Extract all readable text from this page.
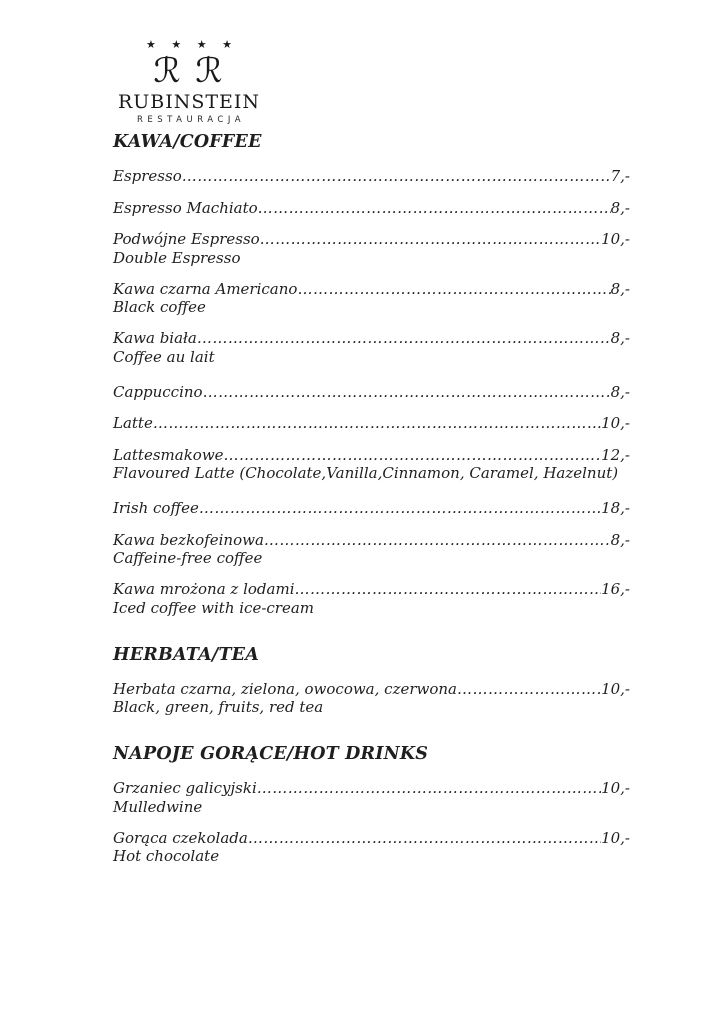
★ ★ ★ ★
ℛ ℛ
RUBINSTEIN
RESTAURACJA
KAWA/COFFEE
Espresso …………………………………………………………………………………………………………	7,-
Espresso Machiato …………………………………………………………………………………………………………	8,-
Podwójne Espresso …………………………………………………………………………………………………………	10,-
Double Espresso
Kawa czarna Americano …………………………………………………………………………………………………………	8,-
Black coffee
Kawa biała …………………………………………………………………………………………………………	8,-
Coffee au lait
Cappuccino …………………………………………………………………………………………………………	8,-
Latte …………………………………………………………………………………………………………	10,-
Lattesmakowe …………………………………………………………………………………………………………	12,-
Flavoured Latte (Chocolate,Vanilla,Cinnamon, Caramel, Hazelnut)
Irish coffee …………………………………………………………………………………………………………	18,-
Kawa bezkofeinowa …………………………………………………………………………………………………………	8,-
Caffeine-free coffee
Kawa mrożona z lodami …………………………………………………………………………………………………………	16,-
Iced coffee with ice-cream
HERBATA/TEA
Herbata czarna, zielona, owocowa, czerwona …………………………………………………………………………………………………………	10,-
Black, green, fruits, red tea
NAPOJE GORĄCE/HOT DRINKS
Grzaniec galicyjski …………………………………………………………………………………………………………	10,-
Mulledwine
Gorąca czekolada …………………………………………………………………………………………………………	10,-
Hot chocolate
